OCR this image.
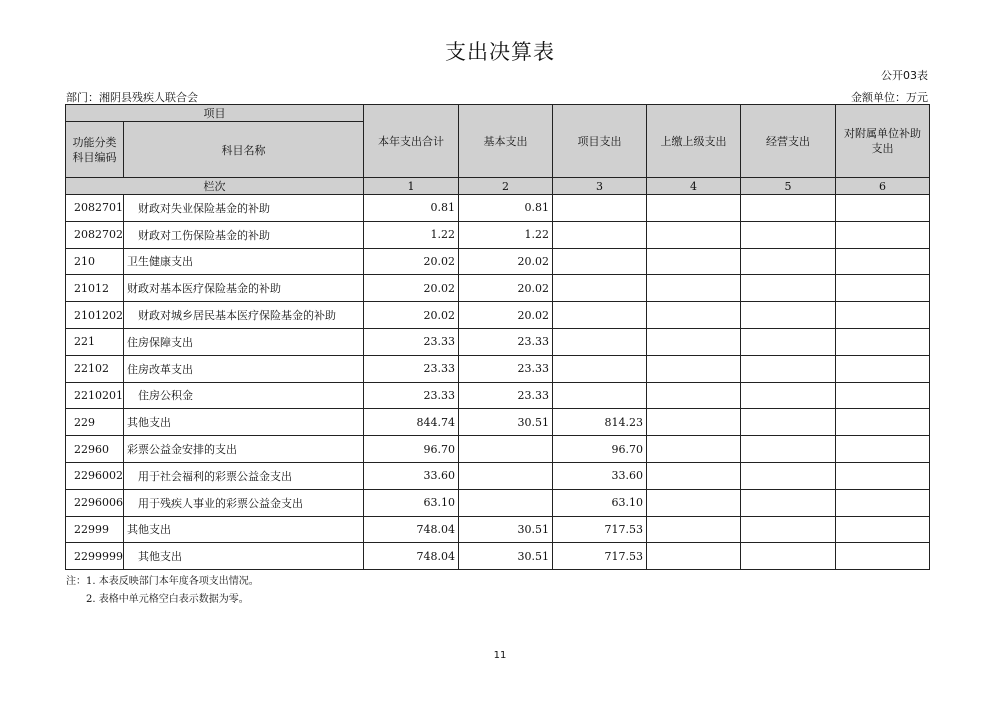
支出决算表
公开03表
部门：湘阴县残疾人联合会	金额单位：万元
项目		本年支出合计	基本支出	项目支出	上缴上级支出	经营支出	对附属单位补助
支出
功能分类
科目编码	科目名称						
栏次		1	2	3	4	5	6
2082701	财政对失业保险基金的补助	0.81	0.81				
2082702	财政对工伤保险基金的补助	1.22	1.22				
210	卫生健康支出	20.02	20.02				
21012	财政对基本医疗保险基金的补助	20.02	20.02				
2101202	财政对城乡居民基本医疗保险基金的补助	20.02	20.02				
221	住房保障支出	23.33	23.33				
22102	住房改革支出	23.33	23.33				
2210201	住房公积金	23.33	23.33				
229	其他支出	844.74	30.51	814.23			
22960	彩票公益金安排的支出	96.70		96.70			
2296002	用于社会福利的彩票公益金支出	33.60		33.60			
2296006	用于残疾人事业的彩票公益金支出	63.10		63.10			
22999	其他支出	748.04	30.51	717.53			
2299999	其他支出	748.04	30.51	717.53			
注：1. 本表反映部门本年度各项支出情况。
2. 表格中单元格空白表示数据为零。
11
